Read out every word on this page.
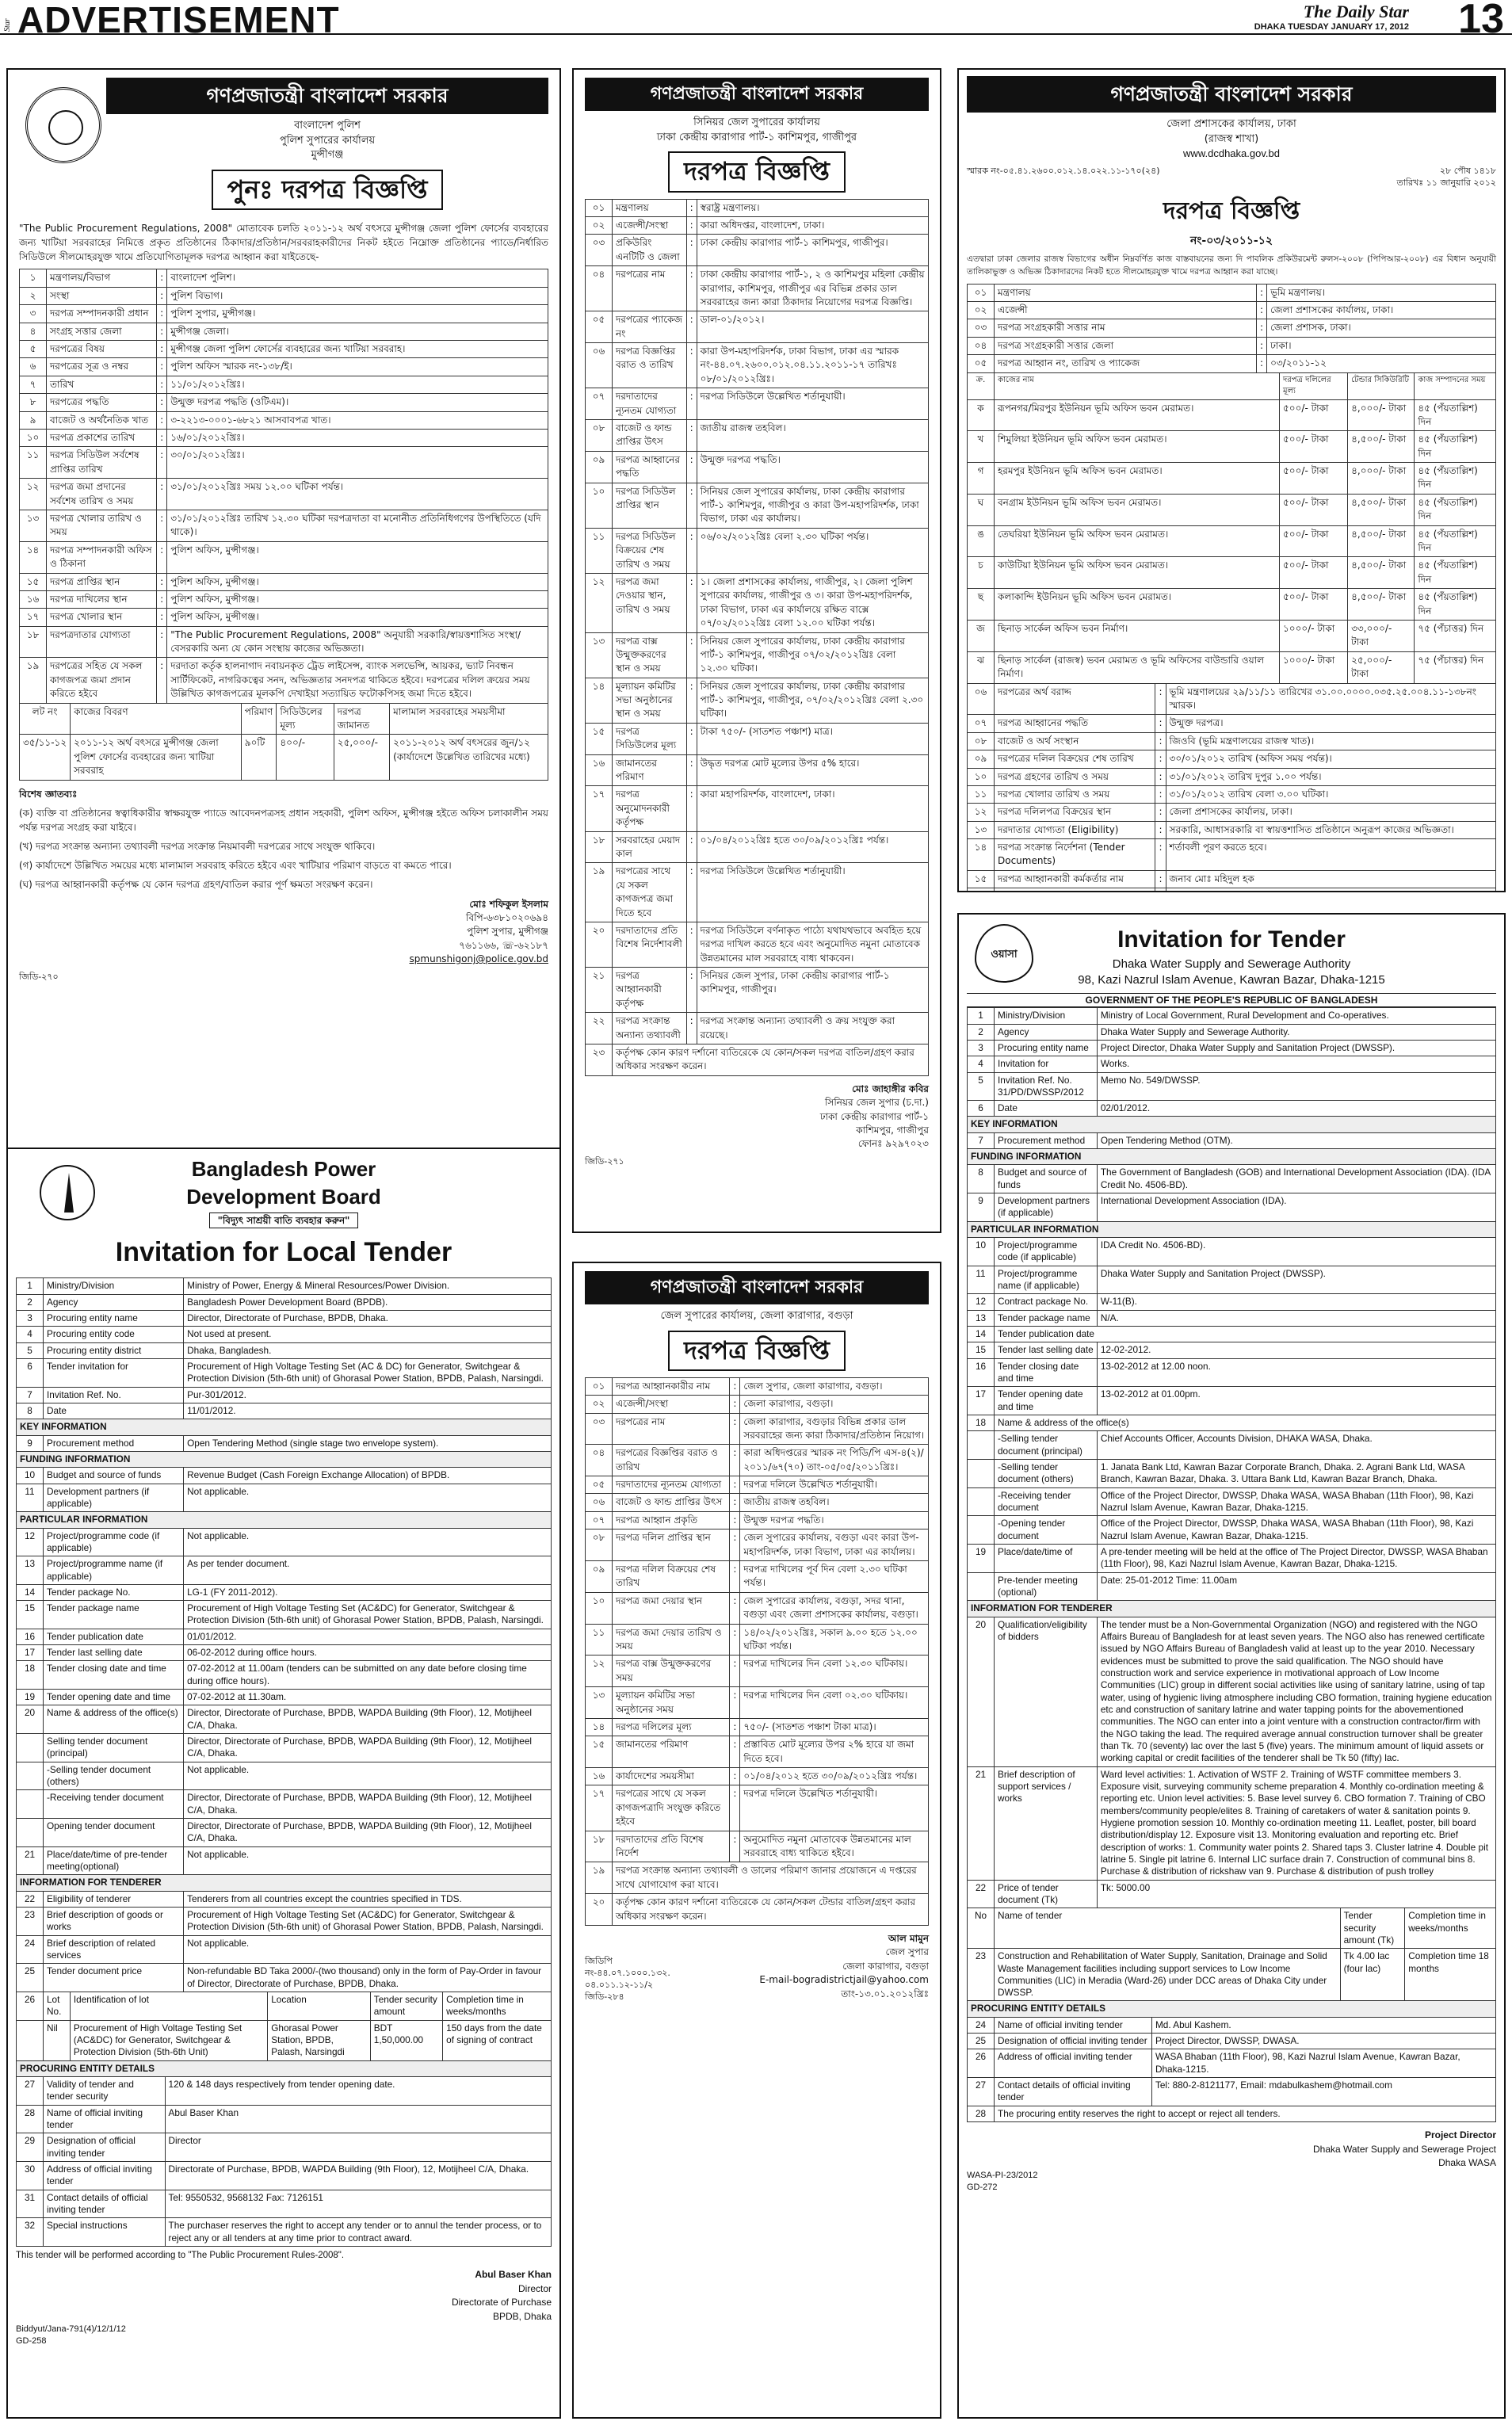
Star ADVERTISEMENT	The Daily Star
DHAKA TUESDAY JANUARY 17, 2012 13
গণপ্রজাতন্ত্রী বাংলাদেশ সরকার
বাংলাদেশ পুলিশ
পুলিশ সুপারের কার্যালয়
মুন্সীগঞ্জ
পুনঃ দরপত্র বিজ্ঞপ্তি
"The Public Procurement Regulations, 2008" মোতাবেক চলতি ২০১১-১২ অর্থ বৎসরে মুন্সীগঞ্জ জেলা পুলিশ ফোর্সের ব্যবহারের জন্য খাটিয়া সরবরাহের নিমিত্তে প্রকৃত প্রতিষ্ঠানের ঠিকাদার/প্রতিষ্ঠান/সরবরাহকারীদের নিকট হইতে নিম্নোক্ত প্রতিষ্ঠানের প্যাডে/নির্ধারিত সিডিউলে সীলমোহরযুক্ত খামে প্রতিযোগিতামূলক দরপত্র আহ্বান করা যাইতেছে-
১	মন্ত্রণালয়/বিভাগ	:	বাংলাদেশ পুলিশ।
২	সংস্থা	:	পুলিশ বিভাগ।
৩	দরপত্র সম্পাদনকারী প্রধান	:	পুলিশ সুপার, মুন্সীগঞ্জ।
৪	সংগ্রহ সত্তার জেলা	:	মুন্সীগঞ্জ জেলা।
৫	দরপত্রের বিষয়	:	মুন্সীগঞ্জ জেলা পুলিশ ফোর্সের ব্যবহারের জন্য খাটিয়া সরবরাহ।
৬	দরপত্রের সূত্র ও নম্বর	:	পুলিশ অফিস স্মারক নং-১৩৮/ই।
৭	তারিখ	:	১১/০১/২০১২খ্রিঃ।
৮	দরপত্রের পদ্ধতি	:	উন্মুক্ত দরপত্র পদ্ধতি (ওটিএম)।
৯	বাজেট ও অর্থনৈতিক খাত	:	৩-২২১৩-০০০১-৬৮২১ আসবাবপত্র খাত।
১০	দরপত্র প্রকাশের তারিখ	:	১৬/০১/২০১২খ্রিঃ।
১১	দরপত্র সিডিউল সর্বশেষ প্রাপ্তির তারিখ	:	৩০/০১/২০১২খ্রিঃ।
১২	দরপত্র জমা প্রদানের সর্বশেষ তারিখ ও সময়	:	৩১/০১/২০১২খ্রিঃ সময় ১২.০০ ঘটিকা পর্যন্ত।
১৩	দরপত্র খোলার তারিখ ও সময়	:	৩১/০১/২০১২খ্রিঃ তারিখ ১২.৩০ ঘটিকা দরপত্রদাতা বা মনোনীত প্রতিনিধিগণের উপস্থিতিতে (যদি থাকে)।
১৪	দরপত্র সম্পাদনকারী অফিস ও ঠিকানা	:	পুলিশ অফিস, মুন্সীগঞ্জ।
১৫	দরপত্র প্রাপ্তির স্থান	:	পুলিশ অফিস, মুন্সীগঞ্জ।
১৬	দরপত্র দাখিলের স্থান	:	পুলিশ অফিস, মুন্সীগঞ্জ।
১৭	দরপত্র খোলার স্থান	:	পুলিশ অফিস, মুন্সীগঞ্জ।
১৮	দরপত্রদাতার যোগ্যতা	:	"The Public Procurement Regulations, 2008" অনুযায়ী সরকারি/স্বায়ত্তশাসিত সংস্থা/বেসরকারি অন্য যে কোন সংস্থায় কাজের অভিজ্ঞতা।
১৯	দরপত্রের সহিত যে সকল কাগজপত্র জমা প্রদান করিতে হইবে	:	দরদাতা কর্তৃক হালনাগাদ নবায়নকৃত ট্রেড লাইসেন্স, ব্যাংক সলভেন্সি, আয়কর, ভ্যাট নিবন্ধন সার্টিফিকেট, নাগরিকত্বের সনদ, অভিজ্ঞতার সনদপত্র থাকিতে হইবে। দরপত্রের দলিল ক্রয়ের সময় উল্লিখিত কাগজপত্রের মূলকপি দেখাইয়া সত্যায়িত ফটোকপিসহ জমা দিতে হইবে।
লট নং	কাজের বিবরণ	পরিমাণ	সিডিউলের মূল্য	দরপত্র জামানত	মালামাল সরবরাহের সময়সীমা
৩৫/১১-১২	২০১১-১২ অর্থ বৎসরে মুন্সীগঞ্জ জেলা পুলিশ ফোর্সের ব্যবহারের জন্য খাটিয়া সরবরাহ	৯০টি	৪০০/-	২৫,০০০/-	২০১১-২০১২ অর্থ বৎসরের জুন/১২ (কার্যাদেশে উল্লেখিত তারিখের মধ্যে)
বিশেষ জ্ঞাতব্যঃ
(ক) ব্যক্তি বা প্রতিষ্ঠানের স্বত্বাধিকারীর স্বাক্ষরযুক্ত প্যাডে আবেদনপত্রসহ প্রধান সহকারী, পুলিশ অফিস, মুন্সীগঞ্জ হইতে অফিস চলাকালীন সময় পর্যন্ত দরপত্র সংগ্রহ করা যাইবে।
(খ) দরপত্র সংক্রান্ত অন্যান্য তথ্যাবলী দরপত্র সংক্রান্ত নিয়মাবলী দরপত্রের সাথে সংযুক্ত থাকিবে।
(গ) কার্যাদেশে উল্লিখিত সময়ের মধ্যে মালামাল সরবরাহ করিতে হইবে এবং খাটিয়ার পরিমাণ বাড়তে বা কমতে পারে।
(ঘ) দরপত্র আহ্বানকারী কর্তৃপক্ষ যে কোন দরপত্র গ্রহণ/বাতিল করার পূর্ণ ক্ষমতা সংরক্ষণ করেন।
মোঃ শফিকুল ইসলাম
বিপি-৬৩৮১০২০৬৯৪
পুলিশ সুপার, মুন্সীগঞ্জ
৭৬১১৬৬, ☏-৬২১৮৭
spmunshigonj@police.gov.bd
জিডি-২৭০
গণপ্রজাতন্ত্রী বাংলাদেশ সরকার
সিনিয়র জেল সুপারের কার্যালয়
ঢাকা কেন্দ্রীয় কারাগার পার্ট-১ কাশিমপুর, গাজীপুর
দরপত্র বিজ্ঞপ্তি
০১	মন্ত্রণালয়	:	স্বরাষ্ট্র মন্ত্রণালয়।
০২	এজেন্সী/সংস্থা	:	কারা অধিদপ্তর, বাংলাদেশ, ঢাকা।
০৩	প্রকিউরিং এনটিটি ও জেলা	:	ঢাকা কেন্দ্রীয় কারাগার পার্ট-১ কাশিমপুর, গাজীপুর।
০৪	দরপত্রের নাম	:	ঢাকা কেন্দ্রীয় কারাগার পার্ট-১, ২ ও কাশিমপুর মহিলা কেন্দ্রীয় কারাগার, কাশিমপুর, গাজীপুর এর বিভিন্ন প্রকার ডাল সরবরাহের জন্য কারা ঠিকাদার নিয়োগের দরপত্র বিজ্ঞপ্তি।
০৫	দরপত্রের প্যাকেজ নং	:	ডাল-০১/২০১২।
০৬	দরপত্র বিজ্ঞপ্তির বরাত ও তারিখ	:	কারা উপ-মহাপরিদর্শক, ঢাকা বিভাগ, ঢাকা এর স্মারক নং-৪৪.০৭.২৬০০.০১২.০৪.১১.২০১১-১৭ তারিখঃ ০৮/০১/২০১২খ্রিঃ।
০৭	দরদাতাদের ন্যূনতম যোগ্যতা	:	দরপত্র সিডিউলে উল্লেখিত শর্তানুযায়ী।
০৮	বাজেট ও ফান্ড প্রাপ্তির উৎস	:	জাতীয় রাজস্ব তহবিল।
০৯	দরপত্র আহ্বানের পদ্ধতি	:	উন্মুক্ত দরপত্র পদ্ধতি।
১০	দরপত্র সিডিউল প্রাপ্তির স্থান	:	সিনিয়র জেল সুপারের কার্যালয়, ঢাকা কেন্দ্রীয় কারাগার পার্ট-১ কাশিমপুর, গাজীপুর ও কারা উপ-মহাপরিদর্শক, ঢাকা বিভাগ, ঢাকা এর কার্যালয়।
১১	দরপত্র সিডিউল বিক্রয়ের শেষ তারিখ ও সময়	:	০৬/০২/২০১২খ্রিঃ বেলা ২.৩০ ঘটিকা পর্যন্ত।
১২	দরপত্র জমা দেওয়ার স্থান, তারিখ ও সময়	:	১। জেলা প্রশাসকের কার্যালয়, গাজীপুর, ২। জেলা পুলিশ সুপারের কার্যালয়, গাজীপুর ও ৩। কারা উপ-মহাপরিদর্শক, ঢাকা বিভাগ, ঢাকা এর কার্যালয়ে রক্ষিত বাক্সে ০৭/০২/২০১২খ্রিঃ বেলা ১২.০০ ঘটিকা পর্যন্ত।
১৩	দরপত্র বাক্স উন্মুক্তকরণের স্থান ও সময়	:	সিনিয়র জেল সুপারের কার্যালয়, ঢাকা কেন্দ্রীয় কারাগার পার্ট-১ কাশিমপুর, গাজীপুর ০৭/০২/২০১২খ্রিঃ বেলা ১২.৩০ ঘটিকা।
১৪	মূল্যায়ন কমিটির সভা অনুষ্ঠানের স্থান ও সময়	:	সিনিয়র জেল সুপারের কার্যালয়, ঢাকা কেন্দ্রীয় কারাগার পার্ট-১ কাশিমপুর, গাজীপুর, ০৭/০২/২০১২খ্রিঃ বেলা ২.৩০ ঘটিকা।
১৫	দরপত্র সিডিউলের মূল্য	:	টাকা ৭৫০/- (সাতশত পঞ্চাশ) মাত্র।
১৬	জামানতের পরিমাণ	:	উদ্ধৃত দরপত্র মোট মূল্যের উপর ৫% হারে।
১৭	দরপত্র অনুমোদনকারী কর্তৃপক্ষ	:	কারা মহাপরিদর্শক, বাংলাদেশ, ঢাকা।
১৮	সরবরাহের মেয়াদ কাল	:	০১/০৪/২০১২খ্রিঃ হতে ৩০/০৯/২০১২খ্রিঃ পর্যন্ত।
১৯	দরপত্রের সাথে যে সকল কাগজপত্র জমা দিতে হবে	:	দরপত্র সিডিউলে উল্লেখিত শর্তানুযায়ী।
২০	দরদাতাদের প্রতি বিশেষ নির্দেশাবলী	:	দরপত্র সিডিউলে বর্ণনাকৃত পাঠ্যে যথাযথভাবে অবহিত হয়ে দরপত্র দাখিল করতে হবে এবং অনুমোদিত নমুনা মোতাবেক উন্নতমানের মাল সরবরাহে বাধ্য থাকবেন।
২১	দরপত্র আহ্বানকারী কর্তৃপক্ষ	:	সিনিয়র জেল সুপার, ঢাকা কেন্দ্রীয় কারাগার পার্ট-১ কাশিমপুর, গাজীপুর।
২২	দরপত্র সংক্রান্ত অন্যান্য তথ্যাবলী	:	দরপত্র সংক্রান্ত অন্যান্য তথ্যাবলী ও ক্রয় সংযুক্ত করা রয়েছে।
২৩	কর্তৃপক্ষ কোন কারণ দর্শানো ব্যতিরেকে যে কোন/সকল দরপত্র বাতিল/গ্রহণ করার অধিকার সংরক্ষণ করেন।		
মোঃ জাহাঙ্গীর কবির
সিনিয়র জেল সুপার (চ.দা.)
ঢাকা কেন্দ্রীয় কারাগার পার্ট-১
কাশিমপুর, গাজীপুর
ফোনঃ ৯২৯৭০২৩
জিডি-২৭১
গণপ্রজাতন্ত্রী বাংলাদেশ সরকার
জেলা প্রশাসকের কার্যালয়, ঢাকা
(রাজস্ব শাখা)
www.dcdhaka.gov.bd
স্মারক নং-০৫.৪১.২৬০০.০১২.১৪.০২২.১১-১৭০(২৪)	২৮ পৌষ ১৪১৮
তারিখঃ ১১ জানুয়ারি ২০১২
দরপত্র বিজ্ঞপ্তি
নং-০৩/২০১১-১২
এতদ্বারা ঢাকা জেলার রাজস্ব বিভাগের অধীন নিম্নবর্ণিত কাজ বাস্তবায়নের জন্য দি পাবলিক প্রকিউরমেন্ট রুলস-২০০৮ (পিপিআর-২০০৮) এর বিধান অনুযায়ী তালিকাভুক্ত ও অভিজ্ঞ ঠিকাদারদের নিকট হতে সীলমোহরযুক্ত খামে দরপত্র আহ্বান করা যাচ্ছে।
০১	মন্ত্রণালয়	:	ভূমি মন্ত্রণালয়।
০২	এজেন্সী	:	জেলা প্রশাসকের কার্যালয়, ঢাকা।
০৩	দরপত্র সংগ্রহকারী সত্তার নাম	:	জেলা প্রশাসক, ঢাকা।
০৪	দরপত্র সংগ্রহকারী সত্তার জেলা	:	ঢাকা।
০৫	দরপত্র আহ্বান নং, তারিখ ও প্যাকেজ	:	০৩/২০১১-১২
ক্র.	কাজের নাম	দরপত্র দলিলের মূল্য	টেন্ডার সিকিউরিটি	কাজ সম্পাদনের সময়
ক	রূপনগর/মিরপুর ইউনিয়ন ভূমি অফিস ভবন মেরামত।	৫০০/- টাকা	৪,০০০/- টাকা	৪৫ (পঁয়তাল্লিশ) দিন
খ	শিমুলিয়া ইউনিয়ন ভূমি অফিস ভবন মেরামত।	৫০০/- টাকা	৪,৫০০/- টাকা	৪৫ (পঁয়তাল্লিশ) দিন
গ	হরমপুর ইউনিয়ন ভূমি অফিস ভবন মেরামত।	৫০০/- টাকা	৪,০০০/- টাকা	৪৫ (পঁয়তাল্লিশ) দিন
ঘ	বনগ্রাম ইউনিয়ন ভূমি অফিস ভবন মেরামত।	৫০০/- টাকা	৪,৫০০/- টাকা	৪৫ (পঁয়তাল্লিশ) দিন
ঙ	তেঘরিয়া ইউনিয়ন ভূমি অফিস ভবন মেরামত।	৫০০/- টাকা	৪,৫০০/- টাকা	৪৫ (পঁয়তাল্লিশ) দিন
চ	কাউটিয়া ইউনিয়ন ভূমি অফিস ভবন মেরামত।	৫০০/- টাকা	৪,৫০০/- টাকা	৪৫ (পঁয়তাল্লিশ) দিন
ছ	কলাকান্দি ইউনিয়ন ভূমি অফিস ভবন মেরামত।	৫০০/- টাকা	৪,৫০০/- টাকা	৪৫ (পঁয়তাল্লিশ) দিন
জ	ছিনাড় সার্কেল অফিস ভবন নির্মাণ।	১০০০/- টাকা	৩৩,০০০/- টাকা	৭৫ (পঁচাত্তর) দিন
ঝ	ছিনাড় সার্কেল (রাজস্ব) ভবন মেরামত ও ভূমি অফিসের বাউন্ডারি ওয়াল নির্মাণ।	১০০০/- টাকা	২৫,০০০/- টাকা	৭৫ (পঁচাত্তর) দিন
০৬	দরপত্রের অর্থ বরাদ্দ	:	ভূমি মন্ত্রণালয়ের ২৯/১১/১১ তারিখের ৩১.০০.০০০০.০৩৫.২৫.০০৪.১১-১৩৮নং স্মারক।
০৭	দরপত্র আহ্বানের পদ্ধতি	:	উন্মুক্ত দরপত্র।
০৮	বাজেট ও অর্থ সংস্থান	:	জিওবি (ভূমি মন্ত্রণালয়ের রাজস্ব খাত)।
০৯	দরপত্রের দলিল বিক্রয়ের শেষ তারিখ	:	৩০/০১/২০১২ তারিখ (অফিস সময় পর্যন্ত)।
১০	দরপত্র গ্রহণের তারিখ ও সময়	:	৩১/০১/২০১২ তারিখ দুপুর ১.০০ পর্যন্ত।
১১	দরপত্র খোলার তারিখ ও সময়	:	৩১/০১/২০১২ তারিখ বেলা ৩.০০ ঘটিকা।
১২	দরপত্র দলিলপত্র বিক্রয়ের স্থান	:	জেলা প্রশাসকের কার্যালয়, ঢাকা।
১৩	দরদাতার যোগ্যতা (Eligibility)	:	সরকারি, আধাসরকারি বা স্বায়ত্তশাসিত প্রতিষ্ঠানে অনুরূপ কাজের অভিজ্ঞতা।
১৪	দরপত্র সংক্রান্ত নির্দেশনা (Tender Documents)	:	শর্তাবলী পূরণ করতে হবে।
১৫	দরপত্র আহ্বানকারী কর্মকর্তার নাম	:	জনাব মোঃ মহিদুল হক

ওয়াসা
Invitation for Tender
Dhaka Water Supply and Sewerage Authority
98, Kazi Nazrul Islam Avenue, Kawran Bazar, Dhaka-1215
GOVERNMENT OF THE PEOPLE'S REPUBLIC OF BANGLADESH
1	Ministry/Division	Ministry of Local Government, Rural Development and Co-operatives.
2	Agency	Dhaka Water Supply and Sewerage Authority.
3	Procuring entity name	Project Director, Dhaka Water Supply and Sanitation Project (DWSSP).
4	Invitation for	Works.
5	Invitation Ref. No. 31/PD/DWSSP/2012	Memo No. 549/DWSSP.
6	Date	02/01/2012.
KEY INFORMATION		
7	Procurement method	Open Tendering Method (OTM).
FUNDING INFORMATION		
8	Budget and source of funds	The Government of Bangladesh (GOB) and International Development Association (IDA). (IDA Credit No. 4506-BD).
9	Development partners (if applicable)	International Development Association (IDA).
PARTICULAR INFORMATION		
10	Project/programme code (if applicable)	IDA Credit No. 4506-BD).
11	Project/programme name (if applicable)	Dhaka Water Supply and Sanitation Project (DWSSP).
12	Contract package No.	W-11(B).
13	Tender package name	N/A.
14	Tender publication date	
15	Tender last selling date	12-02-2012.
16	Tender closing date and time	13-02-2012 at 12.00 noon.
17	Tender opening date and time	13-02-2012 at 01.00pm.
18	Name & address of the office(s)	
	-Selling tender document (principal)	Chief Accounts Officer, Accounts Division, DHAKA WASA, Dhaka.
	-Selling tender document (others)	1. Janata Bank Ltd, Kawran Bazar Corporate Branch, Dhaka. 2. Agrani Bank Ltd, WASA Branch, Kawran Bazar, Dhaka. 3. Uttara Bank Ltd, Kawran Bazar Branch, Dhaka.
	-Receiving tender document	Office of the Project Director, DWSSP, Dhaka WASA, WASA Bhaban (11th Floor), 98, Kazi Nazrul Islam Avenue, Kawran Bazar, Dhaka-1215.
	-Opening tender document	Office of the Project Director, DWSSP, Dhaka WASA, WASA Bhaban (11th Floor), 98, Kazi Nazrul Islam Avenue, Kawran Bazar, Dhaka-1215.
19	Place/date/time of	A pre-tender meeting will be held at the office of The Project Director, DWSSP, WASA Bhaban (11th Floor), 98, Kazi Nazrul Islam Avenue, Kawran Bazar, Dhaka-1215.
	Pre-tender meeting (optional)	Date: 25-01-2012 Time: 11.00am
INFORMATION FOR TENDERER		
20	Qualification/eligibility of bidders	The tender must be a Non-Governmental Organization (NGO) and registered with the NGO Affairs Bureau of Bangladesh for at least seven years. The NGO also has renewed certificate issued by NGO Affairs Bureau of Bangladesh valid at least up to the year 2010. Necessary evidences must be submitted to prove the said qualification. The NGO should have construction work and service experience in motivational approach of Low Income Communities (LIC) group in different social activities like using of sanitary latrine, using of tap water, using of hygienic living atmosphere including CBO formation, training hygiene education etc and construction of sanitary latrine and water tapping points for the abovementioned communities. The NGO can enter into a joint venture with a construction contractor/firm with the NGO taking the lead. The required average annual construction turnover shall be greater than Tk. 70 (seventy) lac over the last 5 (five) years. The minimum amount of liquid assets or working capital or credit facilities of the tenderer shall be Tk 50 (fifty) lac.
21	Brief description of support services / works	Ward level activities: 1. Activation of WSTF 2. Training of WSTF committee members 3. Exposure visit, surveying community scheme preparation 4. Monthly co-ordination meeting & reporting etc. Union level activities: 5. Base level survey 6. CBO formation 7. Training of CBO members/community people/elites 8. Training of caretakers of water & sanitation points 9. Hygiene promotion session 10. Monthly co-ordination meeting 11. Leaflet, poster, bill board distribution/display 12. Exposure visit 13. Monitoring evaluation and reporting etc. Brief description of works: 1. Community water points 2. Shared taps 3. Cluster latrine 4. Double pit latrine 5. Single pit latrine 6. Internal LIC surface drain 7. Construction of communal bins 8. Purchase & distribution of rickshaw van 9. Purchase & distribution of push trolley
22	Price of tender document (Tk)	Tk: 5000.00
No	Name of tender	Tender security amount (Tk)	Completion time in weeks/months
23	Construction and Rehabilitation of Water Supply, Sanitation, Drainage and Solid Waste Management facilities including support services to Low Income Communities (LIC) in Meradia (Ward-26) under DCC areas of Dhaka City under DWSSP.	Tk 4.00 lac (four lac)	Completion time 18 months
PROCURING ENTITY DETAILS		
24	Name of official inviting tender	Md. Abul Kashem.
25	Designation of official inviting tender	Project Director, DWSSP, DWASA.
26	Address of official inviting tender	WASA Bhaban (11th Floor), 98, Kazi Nazrul Islam Avenue, Kawran Bazar, Dhaka-1215.
27	Contact details of official inviting tender	Tel: 880-2-8121177, Email: mdabulkashem@hotmail.com
28	The procuring entity reserves the right to accept or reject all tenders.	
Project Director
Dhaka Water Supply and Sewerage Project
Dhaka WASA
WASA-PI-23/2012
GD-272
Bangladesh Power
Development Board
"বিদ্যুৎ সাশ্রয়ী বাতি ব্যবহার করুন"
Invitation for Local Tender
1	Ministry/Division	Ministry of Power, Energy & Mineral Resources/Power Division.
2	Agency	Bangladesh Power Development Board (BPDB).
3	Procuring entity name	Director, Directorate of Purchase, BPDB, Dhaka.
4	Procuring entity code	Not used at present.
5	Procuring entity district	Dhaka, Bangladesh.
6	Tender invitation for	Procurement of High Voltage Testing Set (AC & DC) for Generator, Switchgear & Protection Division (5th-6th unit) of Ghorasal Power Station, BPDB, Palash, Narsingdi.
7	Invitation Ref. No.	Pur-301/2012.
8	Date	11/01/2012.
KEY INFORMATION		
9	Procurement method	Open Tendering Method (single stage two envelope system).
FUNDING INFORMATION		
10	Budget and source of funds	Revenue Budget (Cash Foreign Exchange Allocation) of BPDB.
11	Development partners (if applicable)	Not applicable.
PARTICULAR INFORMATION		
12	Project/programme code (if applicable)	Not applicable.
13	Project/programme name (if applicable)	As per tender document.
14	Tender package No.	LG-1 (FY 2011-2012).
15	Tender package name	Procurement of High Voltage Testing Set (AC&DC) for Generator, Switchgear & Protection Division (5th-6th unit) of Ghorasal Power Station, BPDB, Palash, Narsingdi.
16	Tender publication date	01/01/2012.
17	Tender last selling date	06-02-2012 during office hours.
18	Tender closing date and time	07-02-2012 at 11.00am (tenders can be submitted on any date before closing time during office hours).
19	Tender opening date and time	07-02-2012 at 11.30am.
20	Name & address of the office(s)	Director, Directorate of Purchase, BPDB, WAPDA Building (9th Floor), 12, Motijheel C/A, Dhaka.
	Selling tender document (principal)	Director, Directorate of Purchase, BPDB, WAPDA Building (9th Floor), 12, Motijheel C/A, Dhaka.
	-Selling tender document (others)	Not applicable.
	-Receiving tender document	Director, Directorate of Purchase, BPDB, WAPDA Building (9th Floor), 12, Motijheel C/A, Dhaka.
	Opening tender document	Director, Directorate of Purchase, BPDB, WAPDA Building (9th Floor), 12, Motijheel C/A, Dhaka.
21	Place/date/time of pre-tender meeting(optional)	Not applicable.
INFORMATION FOR TENDERER		
22	Eligibility of tenderer	Tenderers from all countries except the countries specified in TDS.
23	Brief description of goods or works	Procurement of High Voltage Testing Set (AC&DC) for Generator, Switchgear & Protection Division (5th-6th unit) of Ghorasal Power Station, BPDB, Palash, Narsingdi.
24	Brief description of related services	Not applicable.
25	Tender document price	Non-refundable BD Taka 2000/-(two thousand) only in the form of Pay-Order in favour of Director, Directorate of Purchase, BPDB, Dhaka.
26	Lot No.	Identification of lot	Location	Tender security amount	Completion time in weeks/months
	Nil	Procurement of High Voltage Testing Set (AC&DC) for Generator, Switchgear & Protection Division (5th-6th Unit)	Ghorasal Power Station, BPDB, Palash, Narsingdi	BDT 1,50,000.00	150 days from the date of signing of contract
PROCURING ENTITY DETAILS		
27	Validity of tender and tender security	120 & 148 days respectively from tender opening date.
28	Name of official inviting tender	Abul Baser Khan
29	Designation of official inviting tender	Director
30	Address of official inviting tender	Directorate of Purchase, BPDB, WAPDA Building (9th Floor), 12, Motijheel C/A, Dhaka.
31	Contact details of official inviting tender	Tel: 9550532, 9568132 Fax: 7126151
32	Special instructions	The purchaser reserves the right to accept any tender or to annul the tender process, or to reject any or all tenders at any time prior to contract award.
This tender will be performed according to "The Public Procurement Rules-2008".
Abul Baser Khan
Director
Directorate of Purchase
BPDB, Dhaka
Biddyut/Jana-791(4)/12/1/12
GD-258
গণপ্রজাতন্ত্রী বাংলাদেশ সরকার
জেল সুপারের কার্যালয়, জেলা কারাগার, বগুড়া
দরপত্র বিজ্ঞপ্তি
০১	দরপত্র আহ্বানকারীর নাম	:	জেল সুপার, জেলা কারাগার, বগুড়া।
০২	এজেন্সী/সংস্থা	:	জেলা কারাগার, বগুড়া।
০৩	দরপত্রের নাম	:	জেলা কারাগার, বগুড়ার বিভিন্ন প্রকার ডাল সরবরাহের জন্য কারা ঠিকাদার/প্রতিষ্ঠান নিয়োগ।
০৪	দরপত্রের বিজ্ঞপ্তির বরাত ও তারিখ	:	কারা অধিদপ্তরের স্মারক নং পিডি/পি এস-৪(২)/২০১১/৬৭(৭০) তাং-০৫/০৫/২০১১খ্রিঃ।
০৫	দরদাতাদের ন্যূনতম যোগ্যতা	:	দরপত্র দলিলে উল্লেখিত শর্তানুযায়ী।
০৬	বাজেট ও ফান্ড প্রাপ্তির উৎস	:	জাতীয় রাজস্ব তহবিল।
০৭	দরপত্র আহ্বান প্রকৃতি	:	উন্মুক্ত দরপত্র পদ্ধতি।
০৮	দরপত্র দলিল প্রাপ্তির স্থান	:	জেল সুপারের কার্যালয়, বগুড়া এবং কারা উপ-মহাপরিদর্শক, ঢাকা বিভাগ, ঢাকা এর কার্যালয়।
০৯	দরপত্র দলিল বিক্রয়ের শেষ তারিখ	:	দরপত্র দাখিলের পূর্ব দিন বেলা ২.৩০ ঘটিকা পর্যন্ত।
১০	দরপত্র জমা দেয়ার স্থান	:	জেল সুপারের কার্যালয়, বগুড়া, সদর থানা, বগুড়া এবং জেলা প্রশাসকের কার্যালয়, বগুড়া।
১১	দরপত্র জমা দেয়ার তারিখ ও সময়	:	১৪/০২/২০১২খ্রিঃ, সকাল ৯.০০ হতে ১২.০০ ঘটিকা পর্যন্ত।
১২	দরপত্র বাক্স উন্মুক্তকরণের সময়	:	দরপত্র দাখিলের দিন বেলা ১২.৩০ ঘটিকায়।
১৩	মূল্যায়ন কমিটির সভা অনুষ্ঠানের সময়	:	দরপত্র দাখিলের দিন বেলা ০২.৩০ ঘটিকায়।
১৪	দরপত্র দলিলের মূল্য	:	৭৫০/- (সাতশত পঞ্চাশ টাকা মাত্র)।
১৫	জামানতের পরিমাণ	:	প্রস্তাবিত মোট মূল্যের উপর ২% হারে যা জমা দিতে হবে।
১৬	কার্যাদেশের সময়সীমা	:	০১/০৪/২০১২ হতে ৩০/০৯/২০১২খ্রিঃ পর্যন্ত।
১৭	দরপত্রের সাথে যে সকল কাগজপত্রাদি সংযুক্ত করিতে হইবে	:	দরপত্র দলিলে উল্লেখিত শর্তানুযায়ী।
১৮	দরদাতাদের প্রতি বিশেষ নির্দেশ	:	অনুমোদিত নমুনা মোতাবেক উন্নতমানের মাল সরবরাহে বাধ্য থাকিতে হইবে।
১৯	দরপত্র সংক্রান্ত অন্যান্য তথ্যাবলী ও ডালের পরিমাণ জানার প্রয়োজনে এ দপ্তরের সাথে যোগাযোগ করা যাবে।		
২০	কর্তৃপক্ষ কোন কারণ দর্শানো ব্যতিরেকে যে কোন/সকল টেন্ডার বাতিল/গ্রহণ করার অধিকার সংরক্ষণ করেন।		
জিডিপি
নং-৪৪.০৭.১০০০.১৩২.
০৪.০১১.১২-১১/২
জিডি-২৮৪
আল মামুন
জেল সুপার
জেলা কারাগার, বগুড়া
E-mail-bogradistrictjail@yahoo.com
তাং-১৩.০১.২০১২খ্রিঃ
